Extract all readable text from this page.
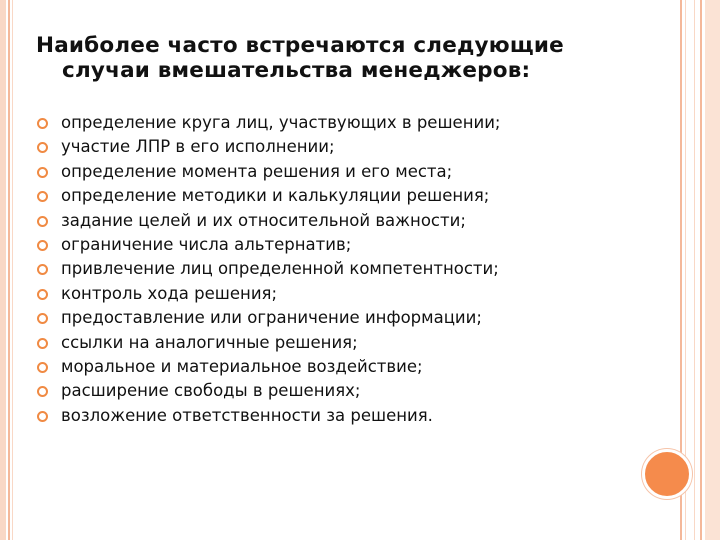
Наиболее часто встречаются следующие
случаи вмешательства менеджеров:
определение круга лиц, участвующих в решении;
участие ЛПР в его исполнении;
определение момента решения и его места;
определение методики и калькуляции решения;
задание целей и их относительной важности;
ограничение числа альтернатив;
привлечение лиц определенной компетентности;
контроль хода решения;
предоставление или ограничение информации;
ссылки на аналогичные решения;
моральное и материальное воздействие;
расширение свободы в решениях;
возложение ответственности за решения.
